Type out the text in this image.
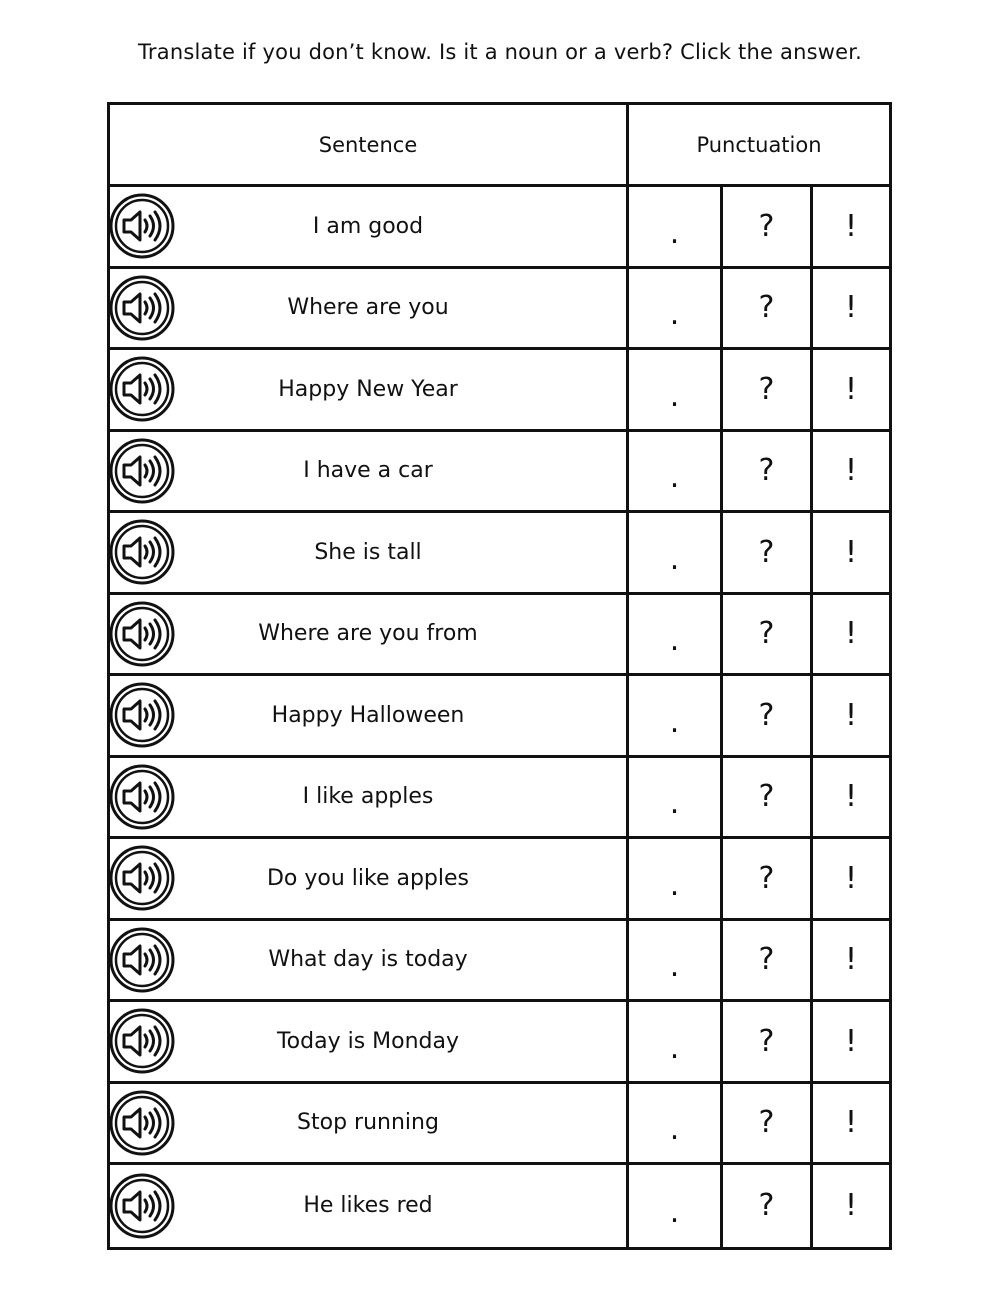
Translate if you don’t know. Is it a noun or a verb? Click the answer.
Sentence	Punctuation
I am good	.	?	!
Where are you	.	?	!
Happy New Year	.	?	!
I have a car	.	?	!
She is tall	.	?	!
Where are you from	.	?	!
Happy Halloween	.	?	!
I like apples	.	?	!
Do you like apples	.	?	!
What day is today	.	?	!
Today is Monday	.	?	!
Stop running	.	?	!
He likes red	.	?	!
